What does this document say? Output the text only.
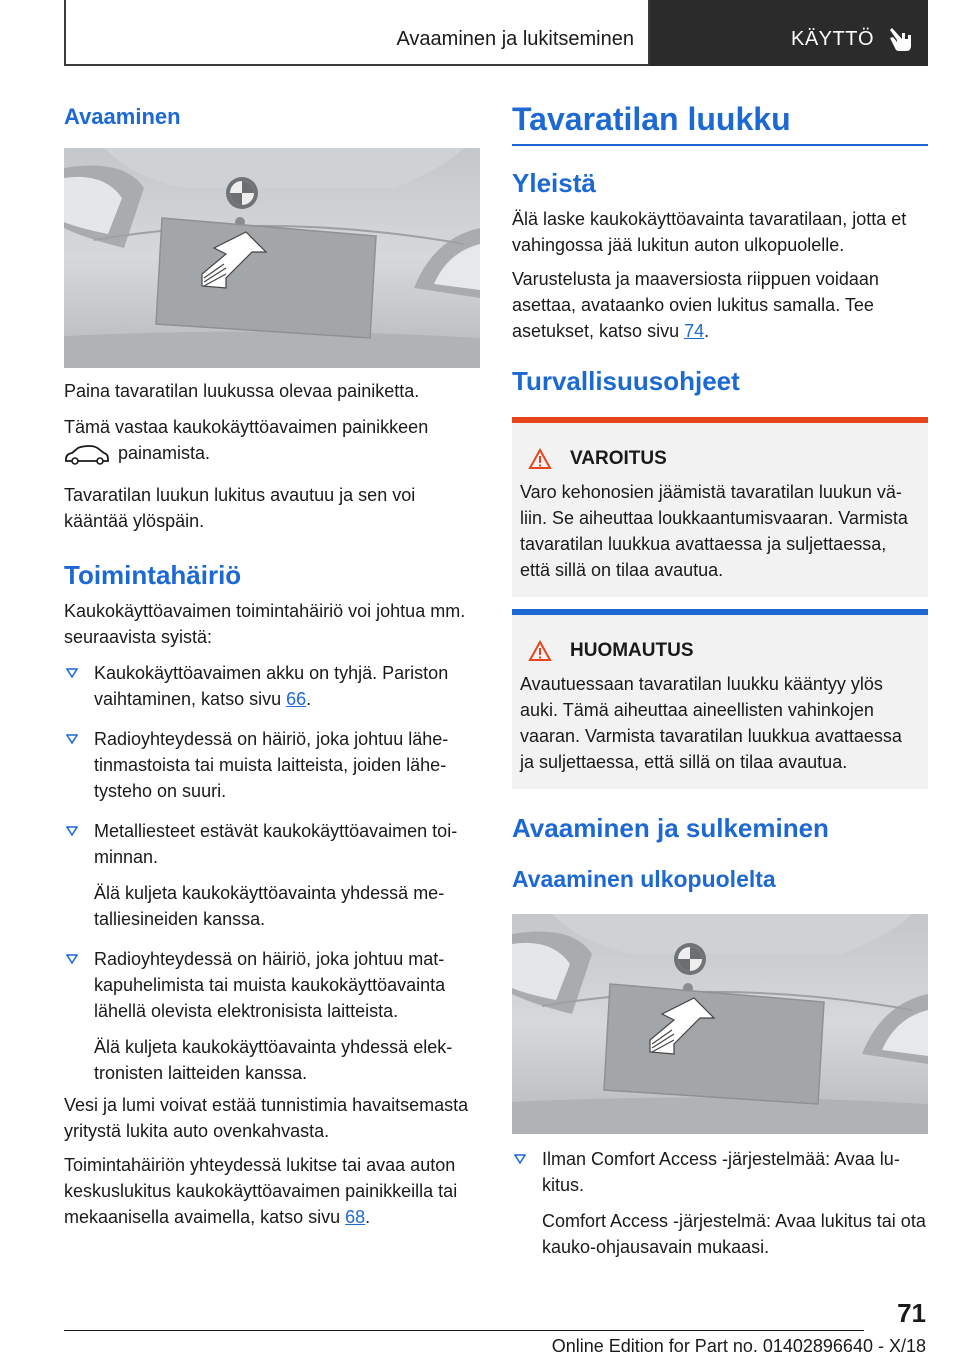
Avaaminen ja lukitseminen	KÄYTTÖ
Avaaminen

Paina tavaratilan luukussa olevaa painiketta.

Tämä vastaa kaukokäyttöavaimen painikkeen
painamista.

Tavaratilan luukun lukitus avautuu ja sen voi kääntää ylöspäin.

Toimintahäiriö

Kaukokäyttöavaimen toimintahäiriö voi johtua mm. seuraavista syistä:

Kaukokäyttöavaimen akku on tyhjä. Pariston vaihtaminen, katso sivu 66.
Radioyhteydessä on häiriö, joka johtuu lähetinmastoista tai muista laitteista, joiden lähetysteho on suuri.
Metalliesteet estävät kaukokäyttöavaimen toiminnan.
Älä kuljeta kaukokäyttöavainta yhdessä metalliesineiden kanssa.
Radioyhteydessä on häiriö, joka johtuu matkapuhelimista tai muista kaukokäyttöavainta lähellä olevista elektronisista laitteista.
Älä kuljeta kaukokäyttöavainta yhdessä elektronisten laitteiden kanssa.

Vesi ja lumi voivat estää tunnistimia havaitsemasta yritystä lukita auto ovenkahvasta.

Toimintahäiriön yhteydessä lukitse tai avaa auton keskuslukitus kaukokäyttöavaimen painikkeilla tai mekaanisella avaimella, katso sivu 68.

Tavaratilan luukku
Yleistä

Älä laske kaukokäyttöavainta tavaratilaan, jotta et vahingossa jää lukitun auton ulkopuolelle.

Varustelusta ja maaversiosta riippuen voidaan asettaa, avataanko ovien lukitus samalla. Tee asetukset, katso sivu 74.

Turvallisuusohjeet
VAROITUS
Varo kehonosien jäämistä tavaratilan luukun väliin. Se aiheuttaa loukkaantumisvaaran. Varmista tavaratilan luukkua avattaessa ja suljettaessa, että sillä on tilaa avautua.
HUOMAUTUS
Avautuessaan tavaratilan luukku kääntyy ylös auki. Tämä aiheuttaa aineellisten vahinkojen vaaran. Varmista tavaratilan luukkua avattaessa ja suljettaessa, että sillä on tilaa avautua.
Avaaminen ja sulkeminen
Avaaminen ulkopuolelta
Ilman Comfort Access -järjestelmää: Avaa lukitus.
Comfort Access -järjestelmä: Avaa lukitus tai ota kauko-ohjausavain mukaasi.
71
Online Edition for Part no. 01402896640 - X/18
